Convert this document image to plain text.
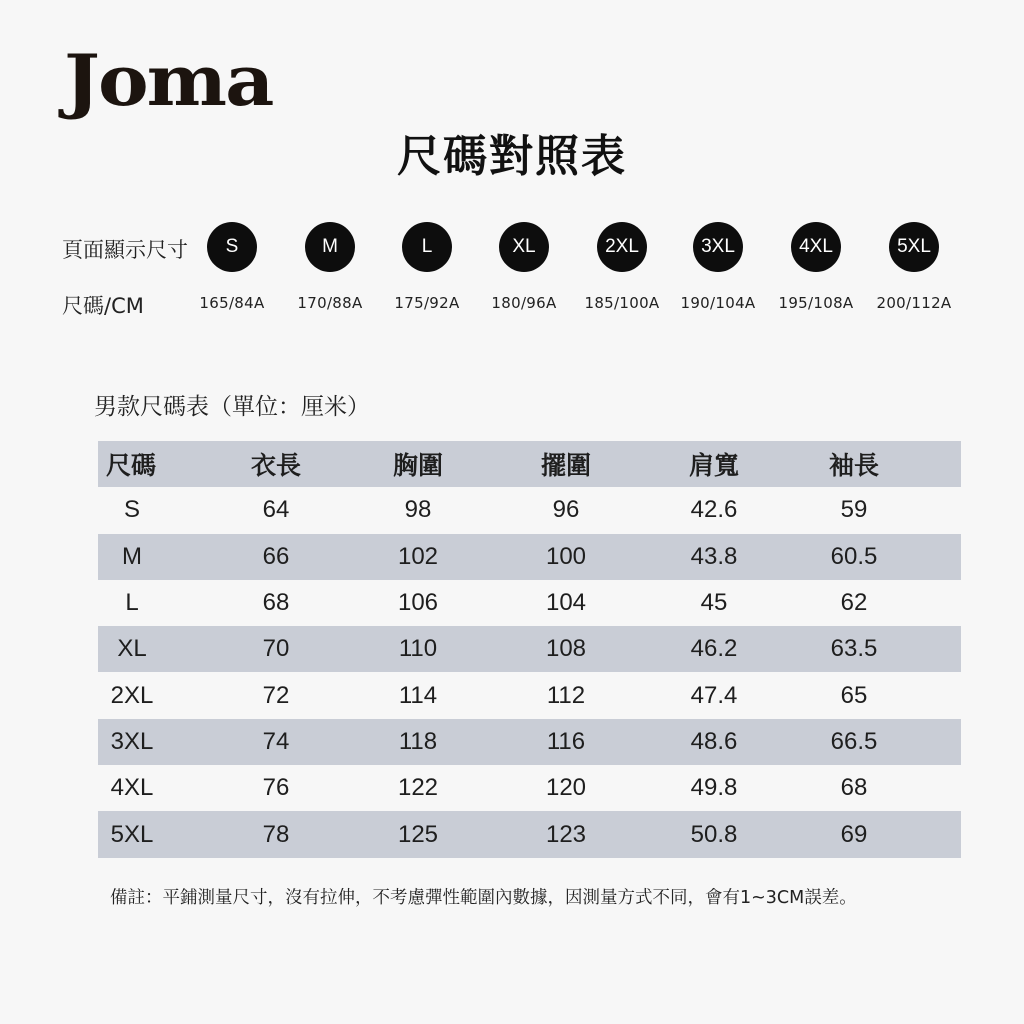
Joma
尺碼對照表
頁面顯示尺寸
尺碼/CM
S	M	L	XL	2XL	3XL	4XL	5XL
165/84A	170/88A	175/92A	180/96A	185/100A	190/104A	195/108A	200/112A
男款尺碼表（單位：厘米）
尺碼	衣長	胸圍	擺圍	肩寬	袖長
S	64	98	96	42.6	59
M	66	102	100	43.8	60.5
L	68	106	104	45	62
XL	70	110	108	46.2	63.5
2XL	72	114	112	47.4	65
3XL	74	118	116	48.6	66.5
4XL	76	122	120	49.8	68
5XL	78	125	123	50.8	69
備註：平鋪測量尺寸，沒有拉伸，不考慮彈性範圍內數據，因測量方式不同，會有1~3CM誤差。
